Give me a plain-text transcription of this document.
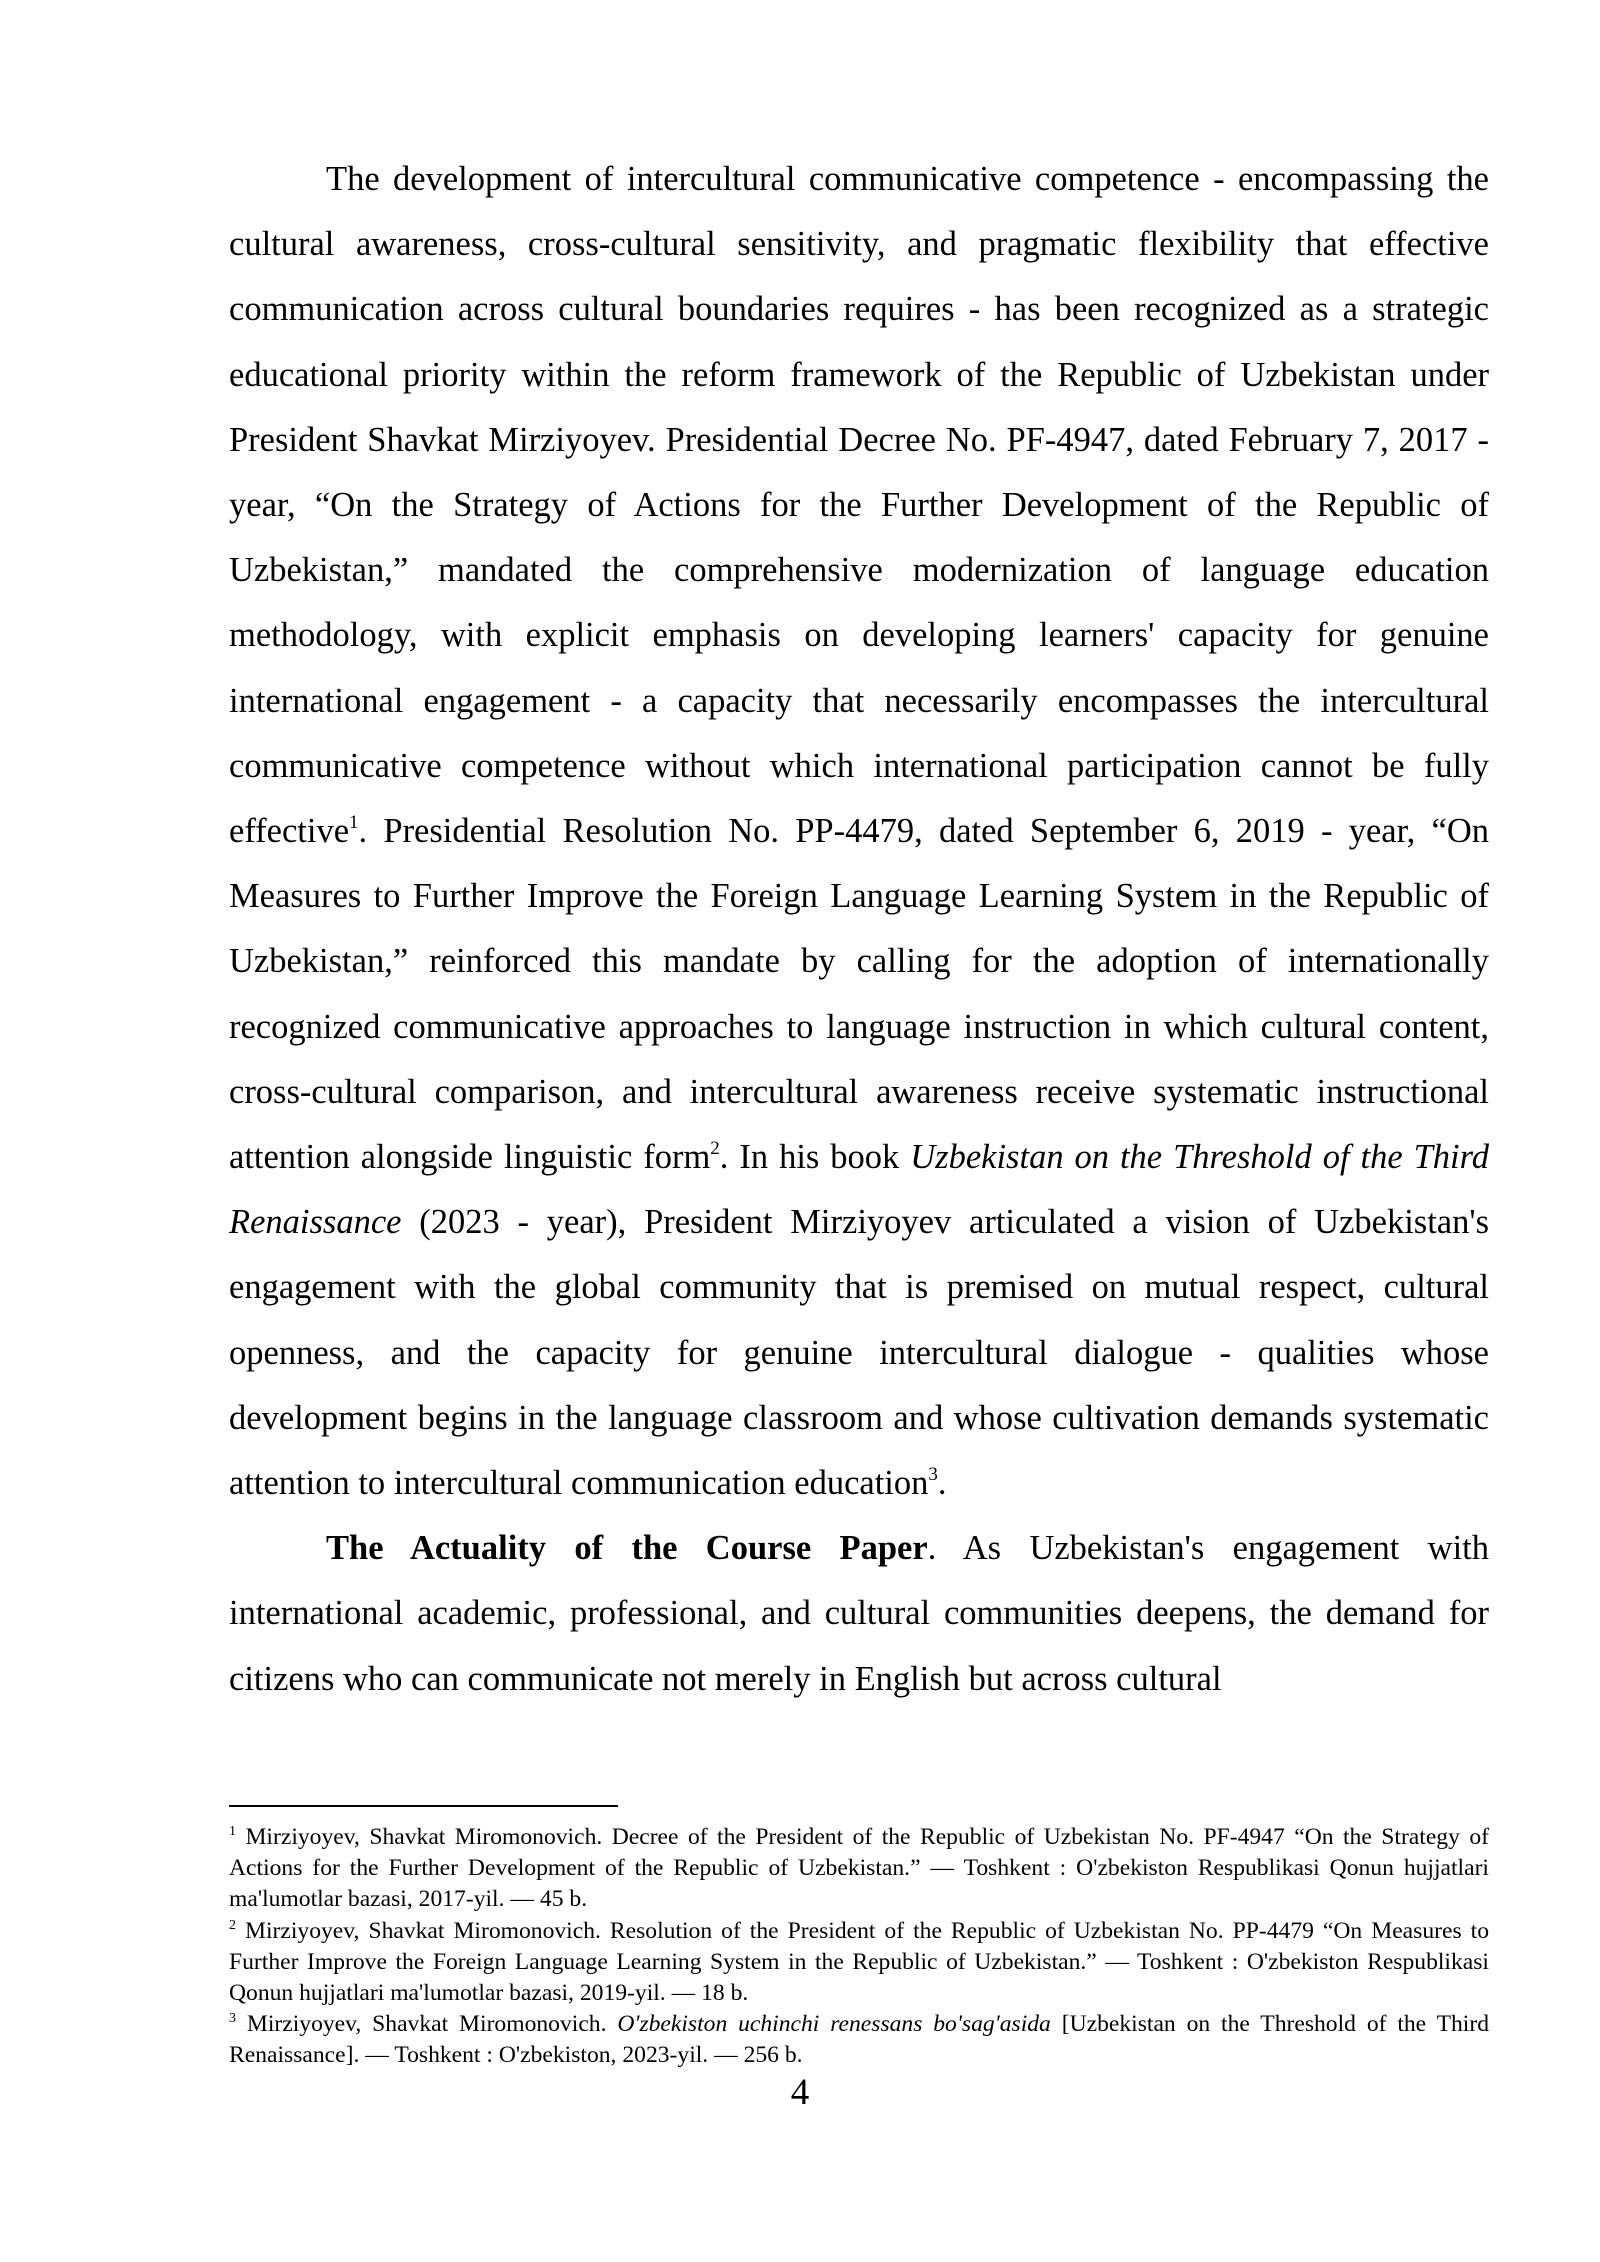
The development of intercultural communicative competence - encompassing the cultural awareness, cross-cultural sensitivity, and pragmatic flexibility that effective communication across cultural boundaries requires - has been recognized as a strategic educational priority within the reform framework of the Republic of Uzbekistan under President Shavkat Mirziyoyev. Presidential Decree No. PF-4947, dated February 7, 2017 - year, “On the Strategy of Actions for the Further Development of the Republic of Uzbekistan,” mandated the comprehensive modernization of language education methodology, with explicit emphasis on developing learners' capacity for genuine international engagement - a capacity that necessarily encompasses the intercultural communicative competence without which international participation cannot be fully effective$^1$. Presidential Resolution No. PP-4479, dated September 6, 2019 - year, “On Measures to Further Improve the Foreign Language Learning System in the Republic of Uzbekistan,” reinforced this mandate by calling for the adoption of internationally recognized communicative approaches to language instruction in which cultural content, cross-cultural comparison, and intercultural awareness receive systematic instructional attention alongside linguistic form$^2$. In his book Uzbekistan on the Threshold of the Third Renaissance (2023 - year), President Mirziyoyev articulated a vision of Uzbekistan's engagement with the global community that is premised on mutual respect, cultural openness, and the capacity for genuine intercultural dialogue - qualities whose development begins in the language classroom and whose cultivation demands systematic attention to intercultural communication education$^3$.

The Actuality of the Course Paper. As Uzbekistan's engagement with international academic, professional, and cultural communities deepens, the demand for citizens who can communicate not merely in English but across cultural

$^1$ Mirziyoyev, Shavkat Miromonovich. Decree of the President of the Republic of Uzbekistan No. PF-4947 “On the Strategy of Actions for the Further Development of the Republic of Uzbekistan.” — Toshkent : O'zbekiston Respublikasi Qonun hujjatlari ma'lumotlar bazasi, 2017-yil. — 45 b.

$^2$ Mirziyoyev, Shavkat Miromonovich. Resolution of the President of the Republic of Uzbekistan No. PP-4479 “On Measures to Further Improve the Foreign Language Learning System in the Republic of Uzbekistan.” — Toshkent : O'zbekiston Respublikasi Qonun hujjatlari ma'lumotlar bazasi, 2019-yil. — 18 b.

$^3$ Mirziyoyev, Shavkat Miromonovich. O'zbekiston uchinchi renessans bo'sag'asida [Uzbekistan on the Threshold of the Third Renaissance]. — Toshkent : O'zbekiston, 2023-yil. — 256 b.

4
